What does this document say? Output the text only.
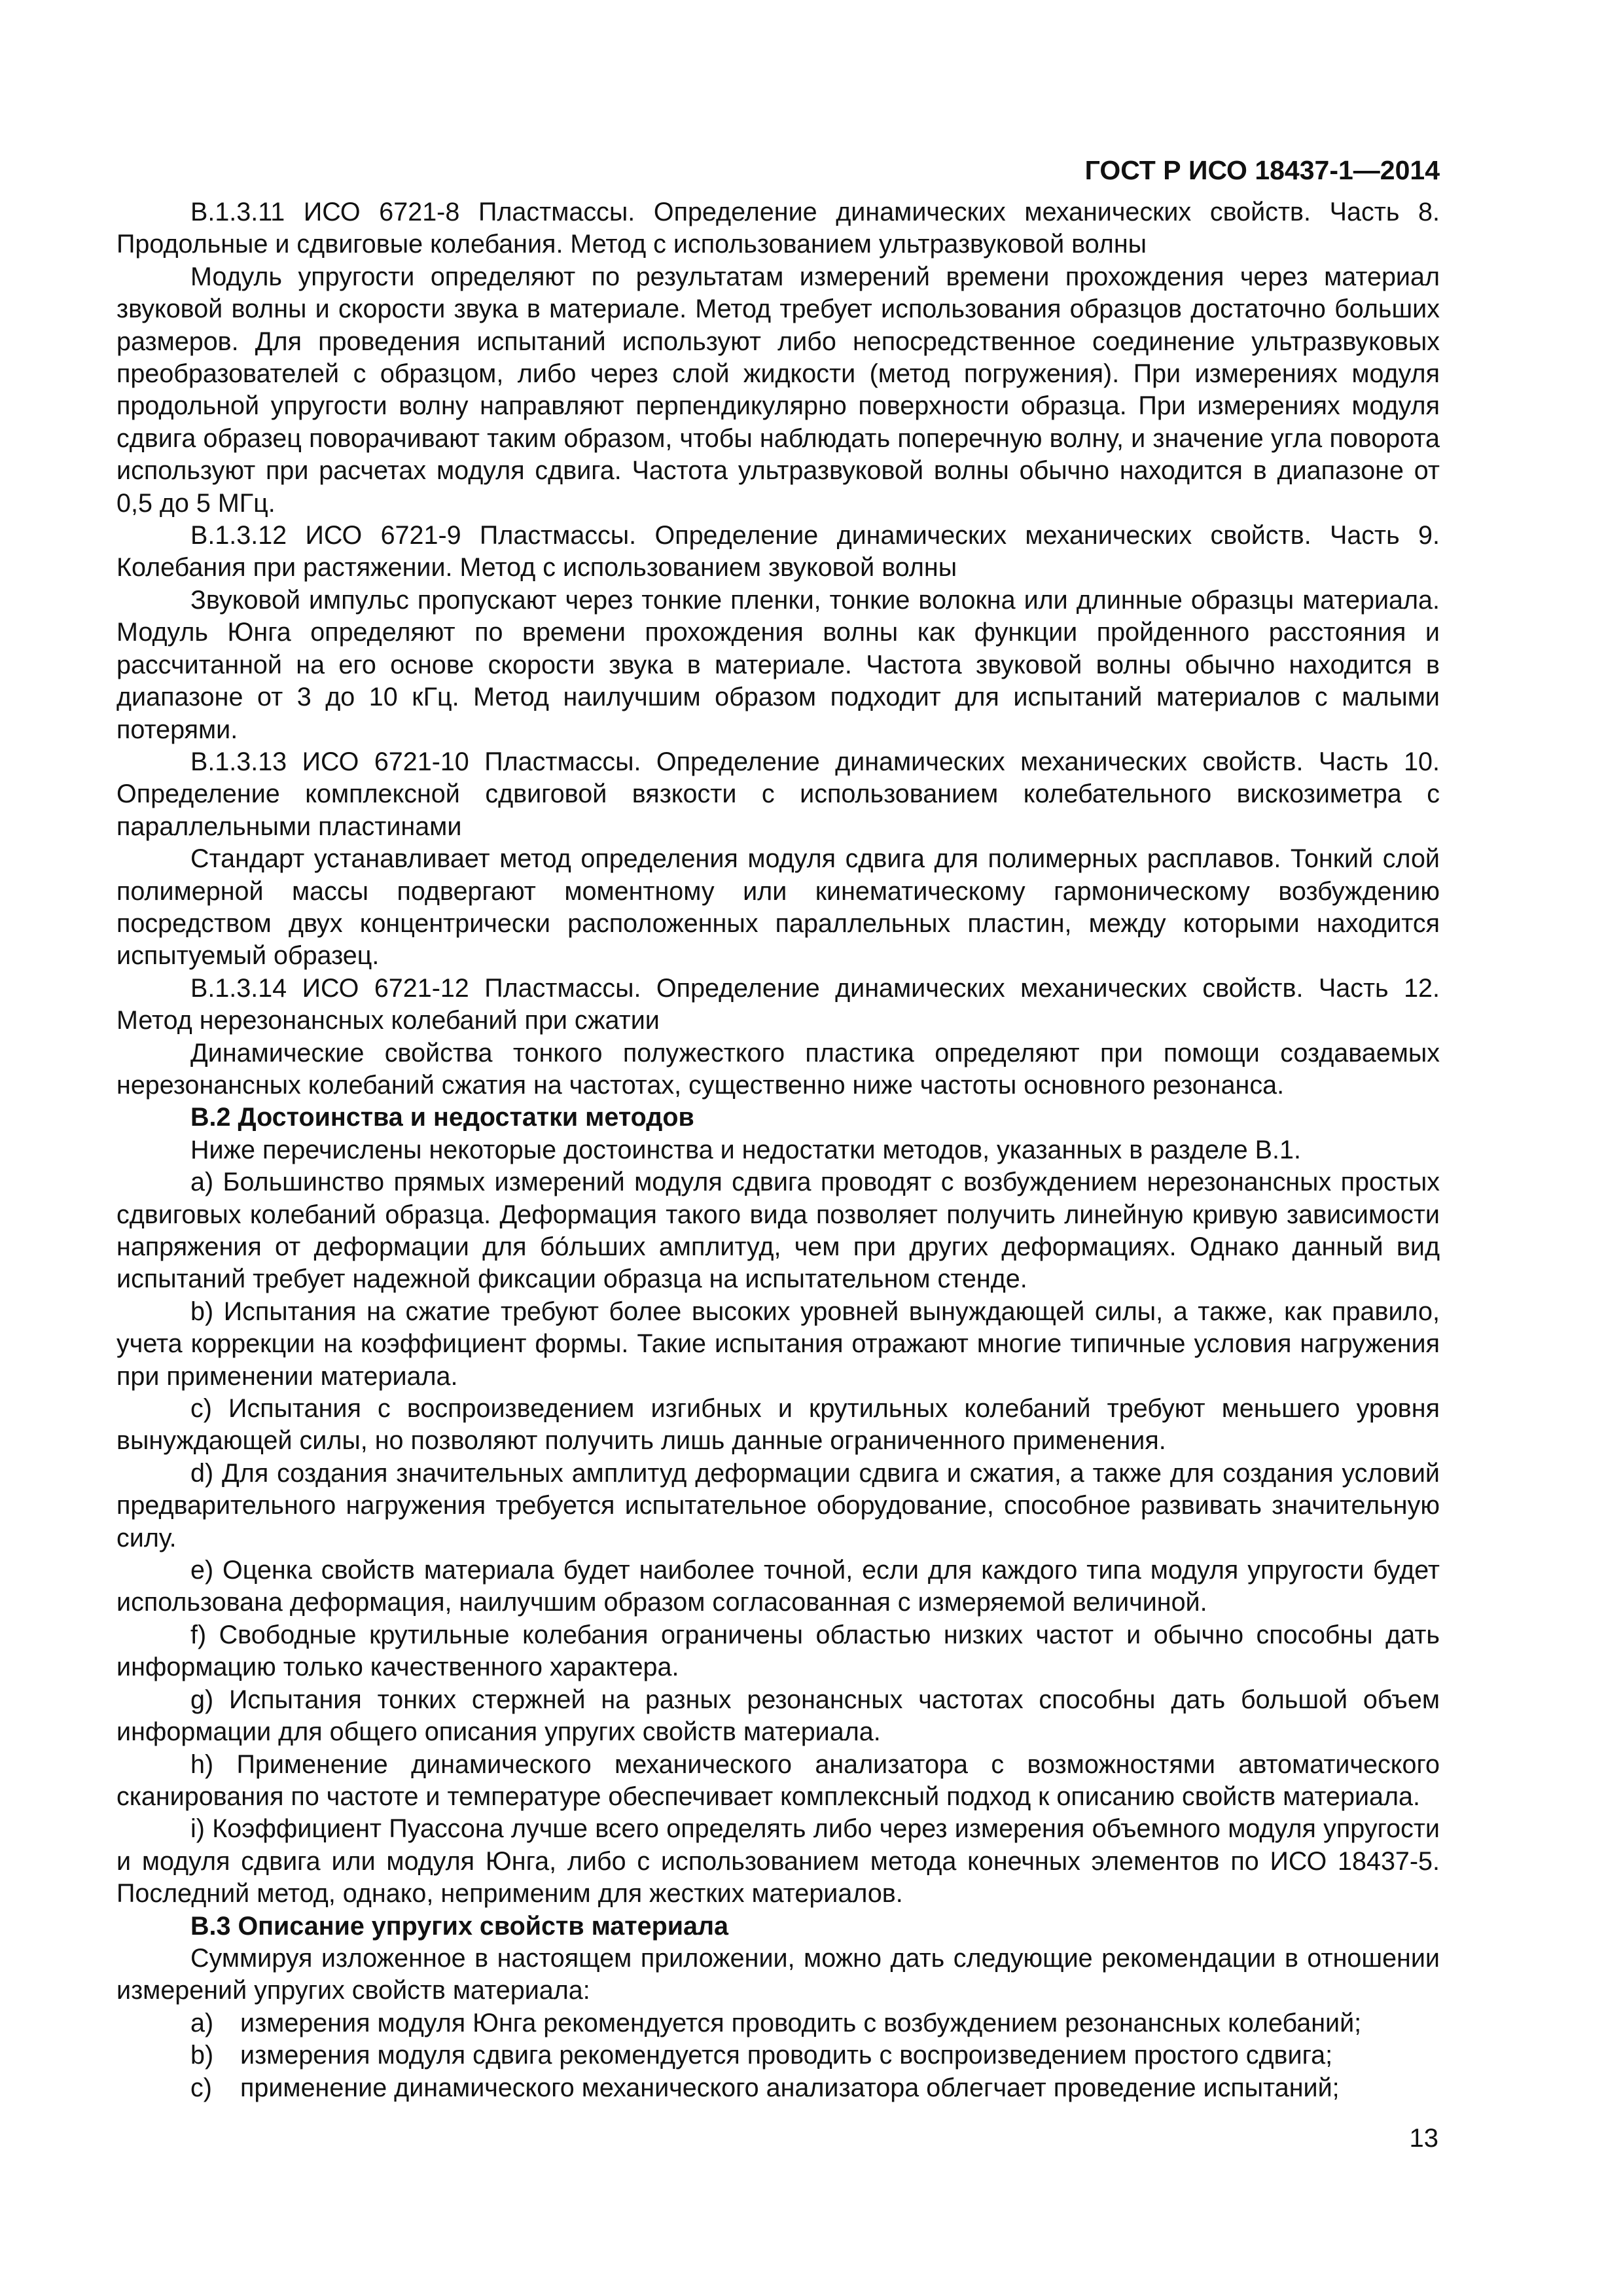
ГОСТ Р ИСО 18437-1—2014

В.1.3.11 ИСО 6721-8 Пластмассы. Определение динамических механических свойств. Часть 8. Продольные и сдвиговые колебания. Метод с использованием ультразвуковой волны

Модуль упругости определяют по результатам измерений времени прохождения через материал звуковой волны и скорости звука в материале. Метод требует использования образцов достаточно больших размеров. Для проведения испытаний используют либо непосредственное соединение ультразвуковых преобразователей с образцом, либо через слой жидкости (метод погружения). При измерениях модуля продольной упругости волну направляют перпендикулярно поверхности образца. При измерениях модуля сдвига образец поворачивают таким образом, чтобы наблюдать поперечную волну, и значение угла поворота используют при расчетах модуля сдвига. Частота ультразвуковой волны обычно находится в диапазоне от 0,5 до 5 МГц.

В.1.3.12 ИСО 6721-9 Пластмассы. Определение динамических механических свойств. Часть 9. Колебания при растяжении. Метод с использованием звуковой волны

Звуковой импульс пропускают через тонкие пленки, тонкие волокна или длинные образцы материала. Модуль Юнга определяют по времени прохождения волны как функции пройденного расстояния и рассчитанной на его основе скорости звука в материале. Частота звуковой волны обычно находится в диапазоне от 3 до 10 кГц. Метод наилучшим образом подходит для испытаний материалов с малыми потерями.

В.1.3.13 ИСО 6721-10 Пластмассы. Определение динамических механических свойств. Часть 10. Определение комплексной сдвиговой вязкости с использованием колебательного вискозиметра с параллельными пластинами

Стандарт устанавливает метод определения модуля сдвига для полимерных расплавов. Тонкий слой полимерной массы подвергают моментному или кинематическому гармоническому возбуждению посредством двух концентрически расположенных параллельных пластин, между которыми находится испытуемый образец.

В.1.3.14 ИСО 6721-12 Пластмассы. Определение динамических механических свойств. Часть 12. Метод нерезонансных колебаний при сжатии

Динамические свойства тонкого полужесткого пластика определяют при помощи создаваемых нерезонансных колебаний сжатия на частотах, существенно ниже частоты основного резонанса.

В.2 Достоинства и недостатки методов

Ниже перечислены некоторые достоинства и недостатки методов, указанных в разделе В.1.

а) Большинство прямых измерений модуля сдвига проводят с возбуждением нерезонансных простых сдвиговых колебаний образца. Деформация такого вида позволяет получить линейную кривую зависимости напряжения от деформации для бо́льших амплитуд, чем при других деформациях. Однако данный вид испытаний требует надежной фиксации образца на испытательном стенде.

b) Испытания на сжатие требуют более высоких уровней вынуждающей силы, а также, как правило, учета коррекции на коэффициент формы. Такие испытания отражают многие типичные условия нагружения при применении материала.

c) Испытания с воспроизведением изгибных и крутильных колебаний требуют меньшего уровня вынуждающей силы, но позволяют получить лишь данные ограниченного применения.

d) Для создания значительных амплитуд деформации сдвига и сжатия, а также для создания условий предварительного нагружения требуется испытательное оборудование, способное развивать значительную силу.

e) Оценка свойств материала будет наиболее точной, если для каждого типа модуля упругости будет использована деформация, наилучшим образом согласованная с измеряемой величиной.

f) Свободные крутильные колебания ограничены областью низких частот и обычно способны дать информацию только качественного характера.

g) Испытания тонких стержней на разных резонансных частотах способны дать большой объем информации для общего описания упругих свойств материала.

h) Применение динамического механического анализатора с возможностями автоматического сканирования по частоте и температуре обеспечивает комплексный подход к описанию свойств материала.

i) Коэффициент Пуассона лучше всего определять либо через измерения объемного модуля упругости и модуля сдвига или модуля Юнга, либо с использованием метода конечных элементов по ИСО 18437-5. Последний метод, однако, неприменим для жестких материалов.

В.3 Описание упругих свойств материала

Суммируя изложенное в настоящем приложении, можно дать следующие рекомендации в отношении измерений упругих свойств материала:

a) измерения модуля Юнга рекомендуется проводить с возбуждением резонансных колебаний;

b) измерения модуля сдвига рекомендуется проводить с воспроизведением простого сдвига;

c) применение динамического механического анализатора облегчает проведение испытаний;

13
